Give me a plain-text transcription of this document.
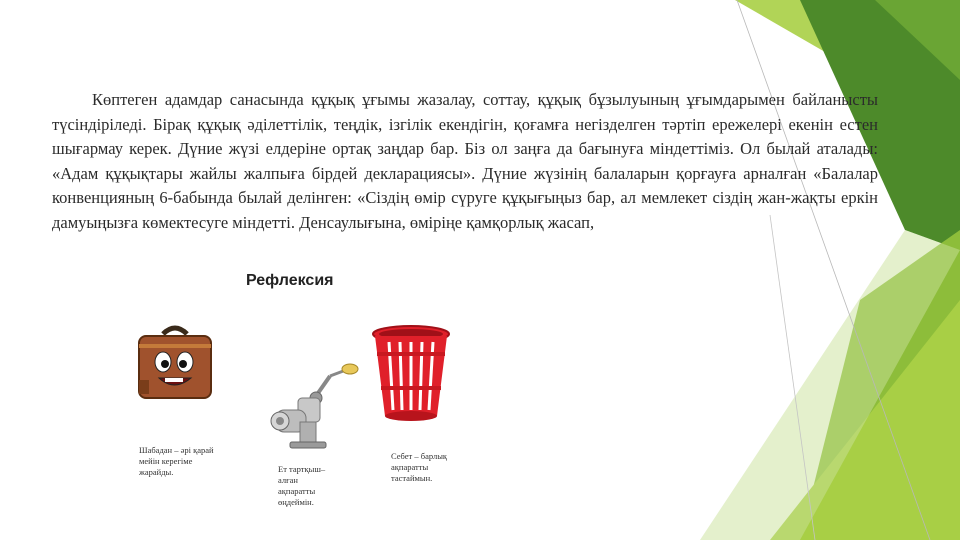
Көптеген адамдар санасында құқық ұғымы жазалау, соттау, құқық бұзылуының ұғымдарымен байланысты түсіндіріледі. Бірақ құқық әділеттілік, теңдік, ізгілік екендігін, қоғамға негізделген тәртіп ережелері екенін естен шығармау керек. Дүние жүзі елдеріне ортақ заңдар бар. Біз ол заңға да бағынуға міндеттіміз. Ол былай аталады: «Адам құқықтары жайлы жалпыға бірдей декларациясы». Дүние жүзінің балаларын қорғауға арналған «Балалар конвенцияның 6-бабында былай делінген: «Сіздің өмір сүруге құқығыңыз бар, ал мемлекет сіздің жан-жақты еркін дамуыңызға көмектесуге міндетті. Денсаулығына, өміріңе қамқорлық жасап,

Рефлексия
Шабадан – әрі қарай
мейін керегіме
жарайды.	Ет тартқыш–
алған
ақпаратты
өңдеймін.
Себет – барлық
ақпаратты
тастаймын.
